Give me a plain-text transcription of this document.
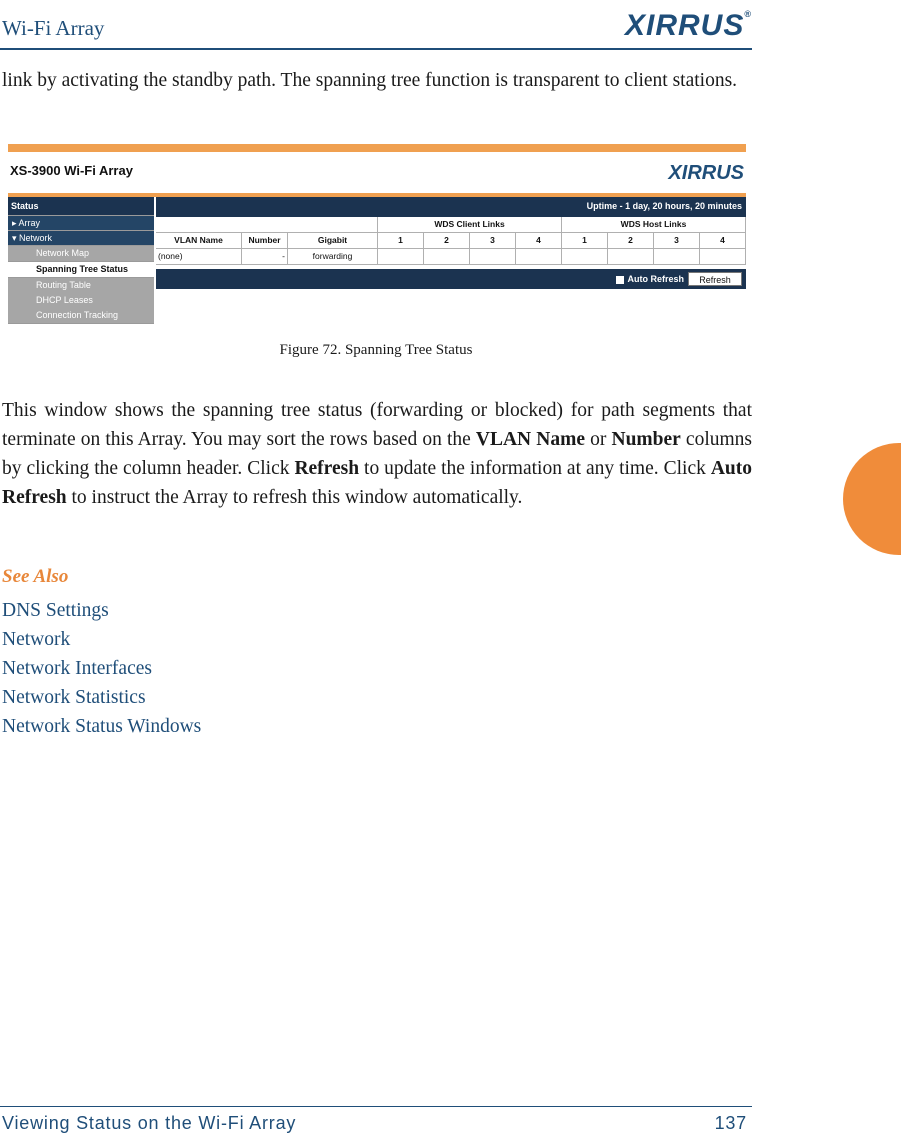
Wi-Fi Array	XIRRUS®
link by activating the standby path. The spanning tree function is transparent to client stations.
XS-3900 Wi-Fi Array	XIRRUS
Status
▸ Array
▾ Network
Network Map
Spanning Tree Status
Routing Table
DHCP Leases
Connection Tracking
Uptime - 1 day, 20 hours, 20 minutes
WDS Client Links	WDS Host Links
VLAN Name	Number	Gigabit	1	2	3	4	1	2	3	4
(none)	-	forwarding
Auto Refresh	Refresh
Figure 72. Spanning Tree Status
This window shows the spanning tree status (forwarding or blocked) for path segments that terminate on this Array. You may sort the rows based on the VLAN Name or Number columns by clicking the column header. Click Refresh to update the information at any time. Click Auto Refresh to instruct the Array to refresh this window automatically.
See Also
DNS Settings
Network
Network Interfaces
Network Statistics
Network Status Windows
Viewing Status on the Wi-Fi Array	137
